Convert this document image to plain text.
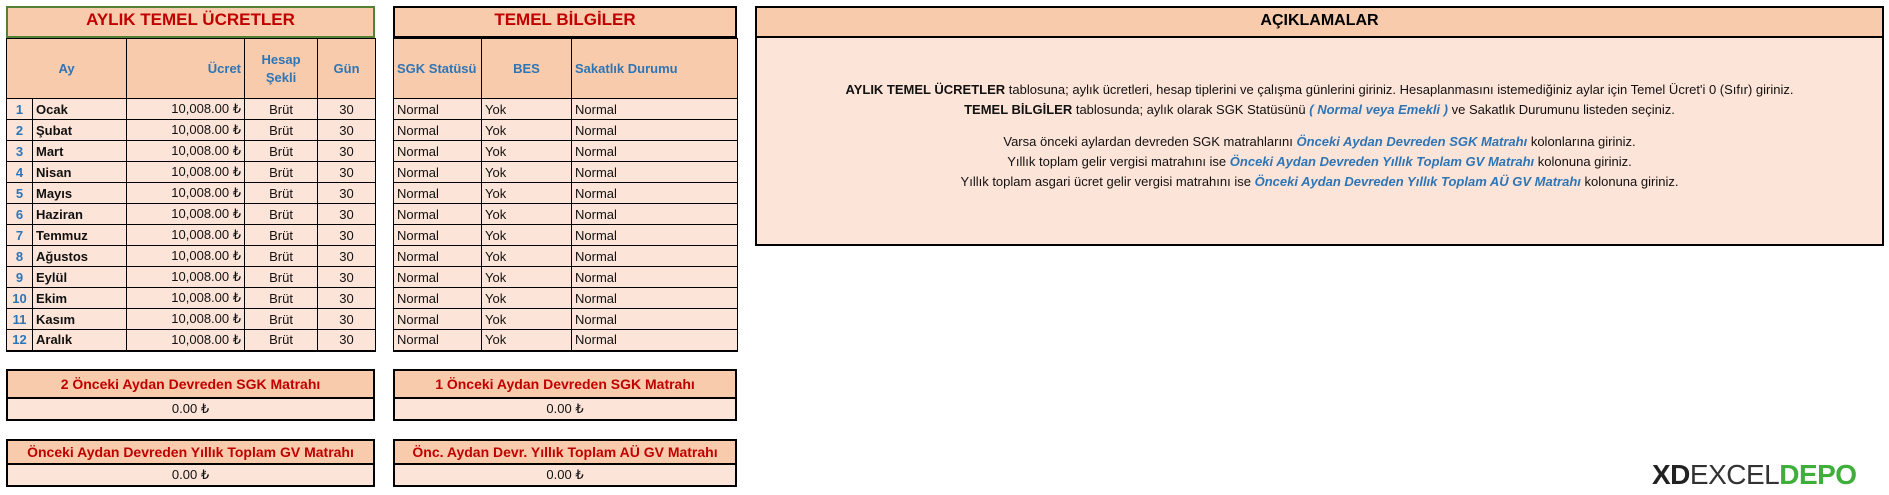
AYLIK TEMEL ÜCRETLER
Ay		Ücret	Hesap Şekli	Gün
1	Ocak	10,008.00 ₺	Brüt	30
2	Şubat	10,008.00 ₺	Brüt	30
3	Mart	10,008.00 ₺	Brüt	30
4	Nisan	10,008.00 ₺	Brüt	30
5	Mayıs	10,008.00 ₺	Brüt	30
6	Haziran	10,008.00 ₺	Brüt	30
7	Temmuz	10,008.00 ₺	Brüt	30
8	Ağustos	10,008.00 ₺	Brüt	30
9	Eylül	10,008.00 ₺	Brüt	30
10	Ekim	10,008.00 ₺	Brüt	30
11	Kasım	10,008.00 ₺	Brüt	30
12	Aralık	10,008.00 ₺	Brüt	30
TEMEL BİLGİLER
SGK Statüsü	BES	Sakatlık Durumu
Normal	Yok	Normal
Normal	Yok	Normal
Normal	Yok	Normal
Normal	Yok	Normal
Normal	Yok	Normal
Normal	Yok	Normal
Normal	Yok	Normal
Normal	Yok	Normal
Normal	Yok	Normal
Normal	Yok	Normal
Normal	Yok	Normal
Normal	Yok	Normal
AÇIKLAMALAR
AYLIK TEMEL ÜCRETLER tablosuna; aylık ücretleri, hesap tiplerini ve çalışma günlerini giriniz. Hesaplanmasını istemediğiniz aylar için Temel Ücret'i 0 (Sıfır) giriniz.
TEMEL BİLGİLER tablosunda; aylık olarak SGK Statüsünü ( Normal veya Emekli ) ve Sakatlık Durumunu listeden seçiniz.
Varsa önceki aylardan devreden SGK matrahlarını Önceki Aydan Devreden SGK Matrahı kolonlarına giriniz.
Yıllık toplam gelir vergisi matrahını ise Önceki Aydan Devreden Yıllık Toplam GV Matrahı kolonuna giriniz.
Yıllık toplam asgari ücret gelir vergisi matrahını ise Önceki Aydan Devreden Yıllık Toplam AÜ GV Matrahı kolonuna giriniz.
2 Önceki Aydan Devreden SGK Matrahı
0.00 ₺
1 Önceki Aydan Devreden SGK Matrahı
0.00 ₺
Önceki Aydan Devreden Yıllık Toplam GV Matrahı
0.00 ₺
Önc. Aydan Devr. Yıllık Toplam AÜ GV Matrahı
0.00 ₺	XD EXCEL DEPO
